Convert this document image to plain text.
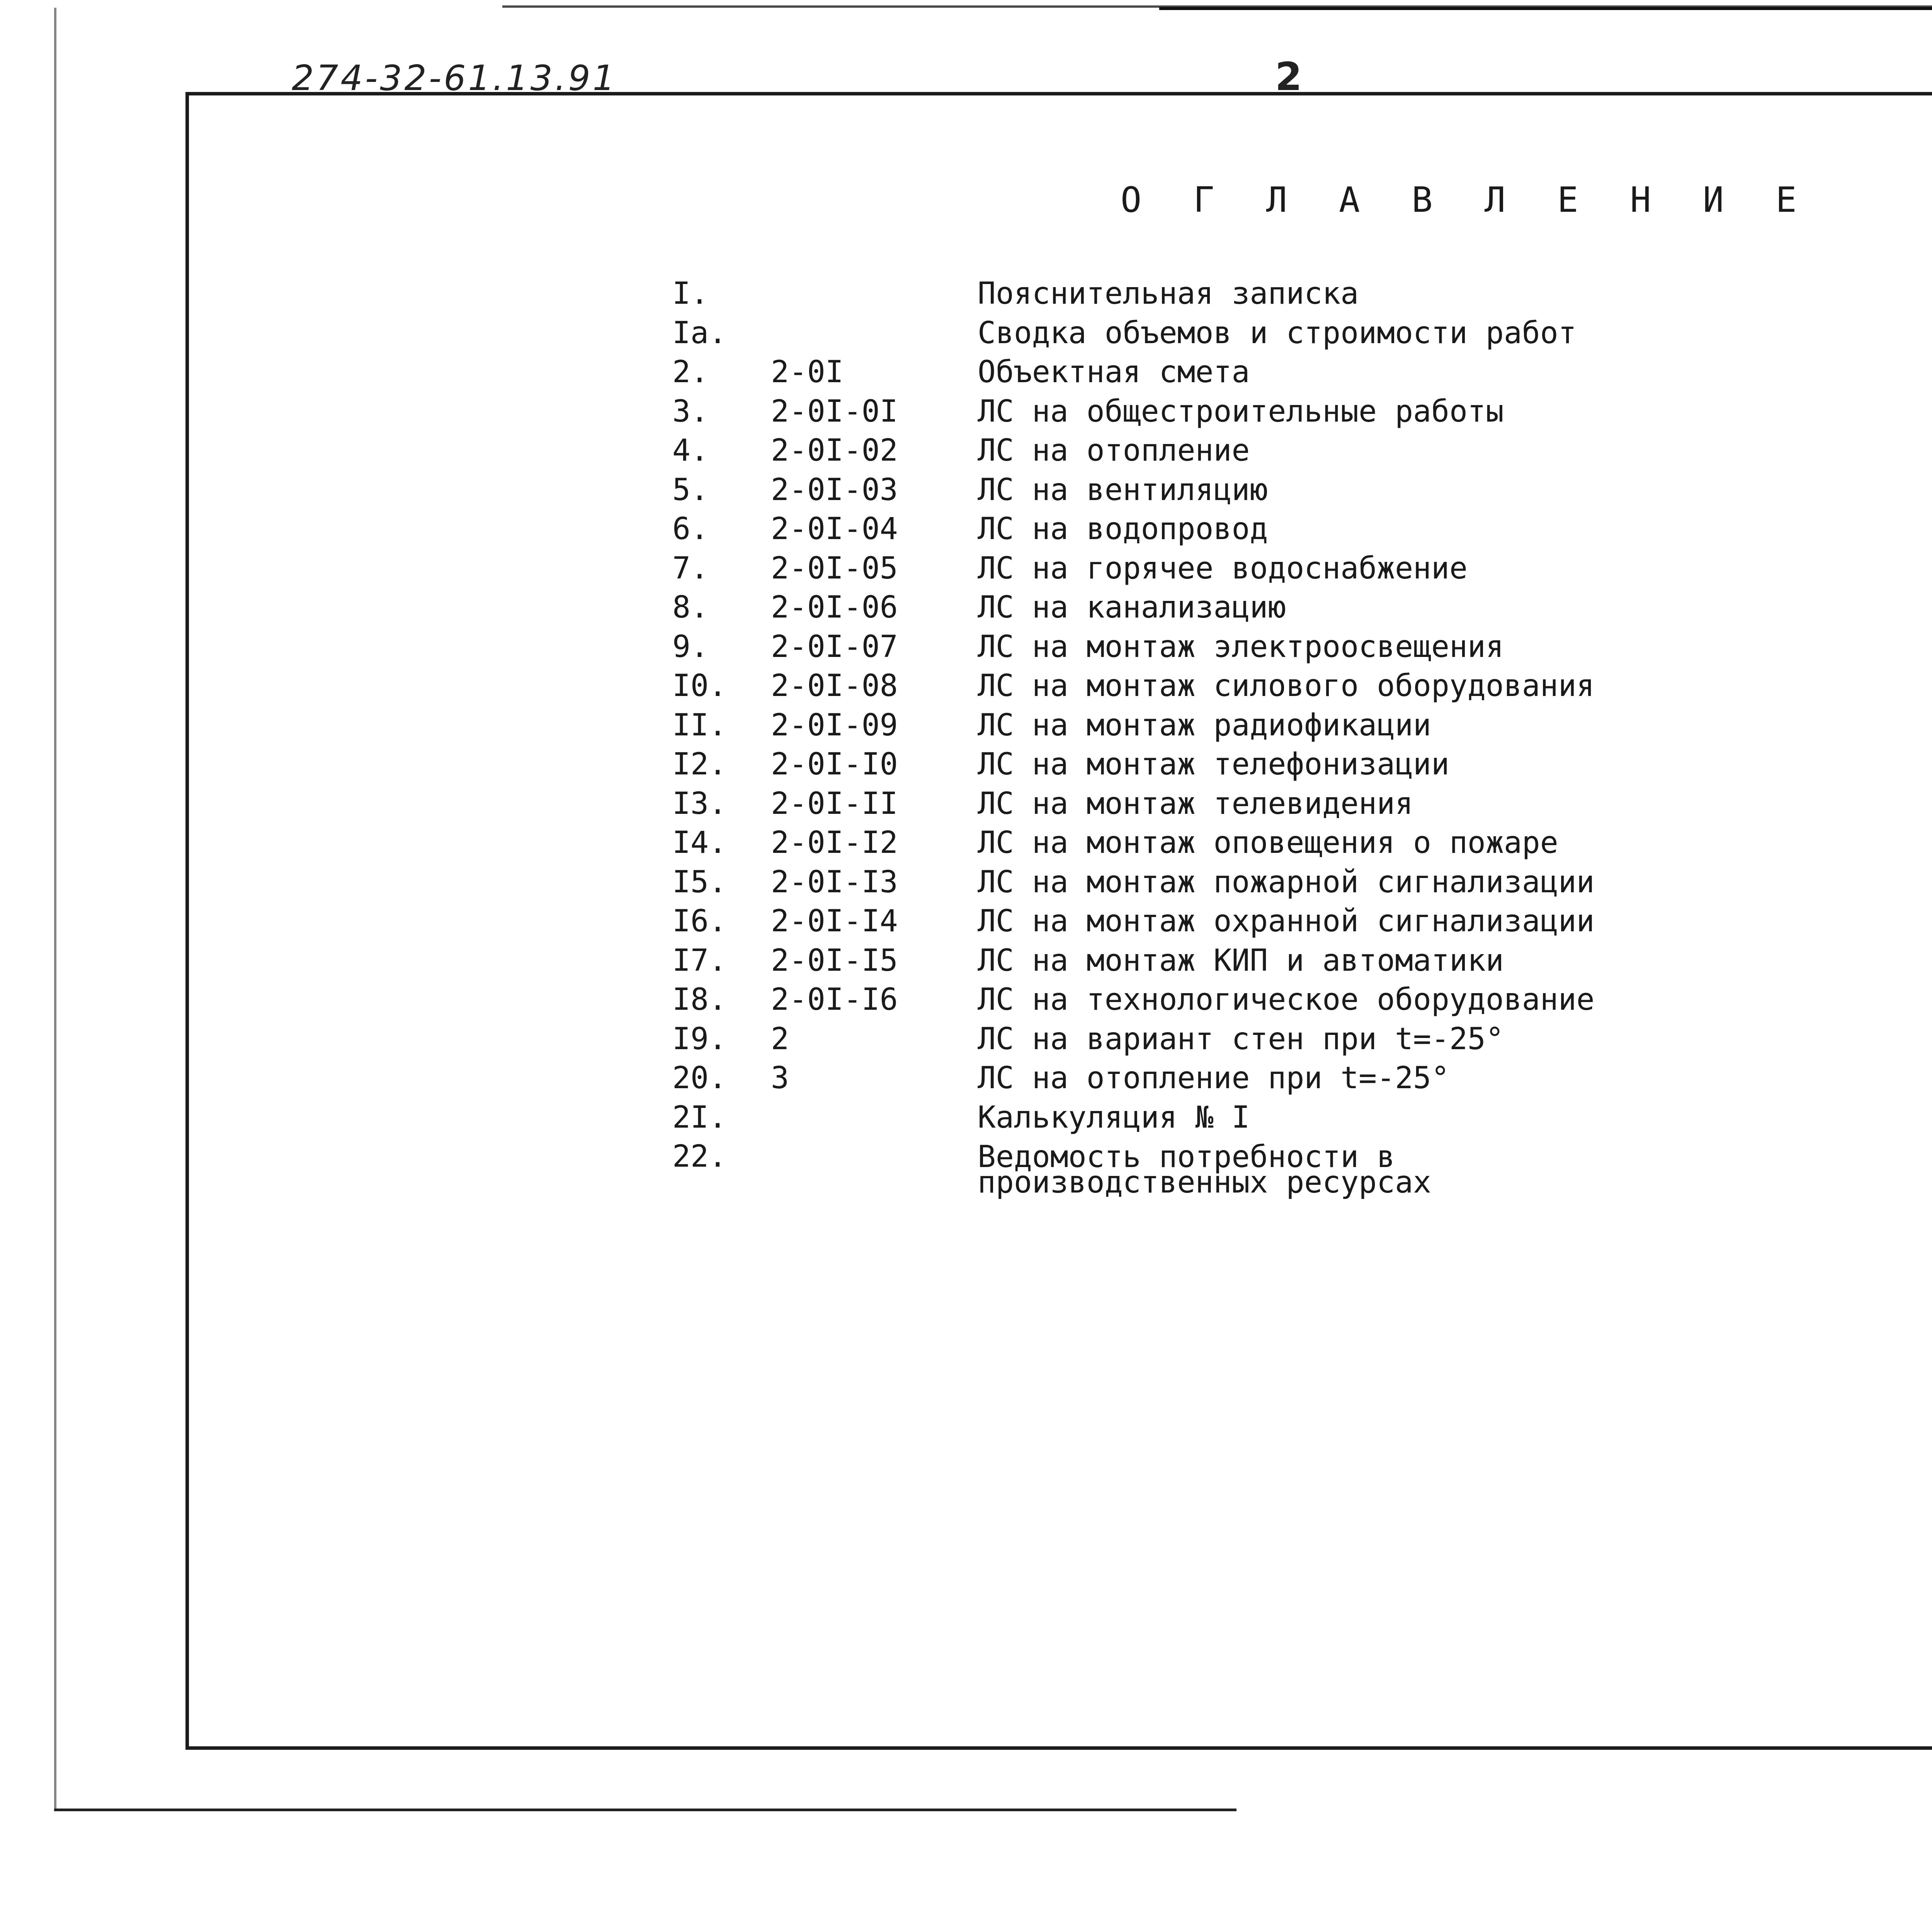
274-32-61.13.91	2
О Г Л А В Л Е Н И Е
I.	Пояснительная записка
Iа.	Сводка объемов и строимости работ
2. 2-0I	Объектная смета
3. 2-0I-0I	ЛС на общестроительные работы
4. 2-0I-02	ЛС на отопление
5. 2-0I-03	ЛС на вентиляцию
6. 2-0I-04	ЛС на водопровод
7. 2-0I-05	ЛС на горячее водоснабжение
8. 2-0I-06	ЛС на канализацию
9. 2-0I-07	ЛС на монтаж электроосвещения
I0. 2-0I-08	ЛС на монтаж силового оборудования
II. 2-0I-09	ЛС на монтаж радиофикации
I2. 2-0I-I0	ЛС на монтаж телефонизации
I3. 2-0I-II	ЛС на монтаж телевидения
I4. 2-0I-I2	ЛС на монтаж оповещения о пожаре
I5. 2-0I-I3	ЛС на монтаж пожарной сигнализации
I6. 2-0I-I4	ЛС на монтаж охранной сигнализации
I7. 2-0I-I5	ЛС на монтаж КИП и автоматики
I8. 2-0I-I6	ЛС на технологическое оборудование
I9. 2	ЛС на вариант стен при t=-25°
20. 3	ЛС на отопление при t=-25°
2I.	Калькуляция № I
22.	Ведомость потребности в
производственных ресурсах
